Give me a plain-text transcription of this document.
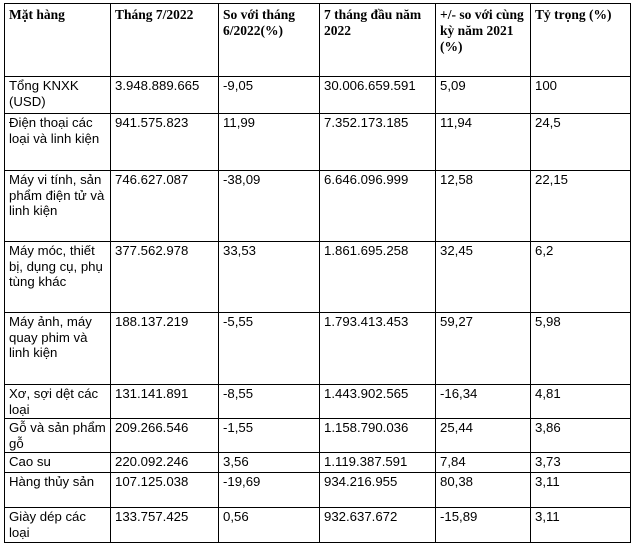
Mặt hàng	Tháng 7/2022	So với tháng 6/2022(%)	7 tháng đầu năm 2022	+/- so với cùng kỳ năm 2021 (%)	Tỷ trọng (%)
Tổng KNXK (USD)	3.948.889.665	-9,05	30.006.659.591	5,09	100
Điện thoại các loại và linh kiện	941.575.823	11,99	7.352.173.185	11,94	24,5
Máy vi tính, sản phẩm điện tử và linh kiện	746.627.087	-38,09	6.646.096.999	12,58	22,15
Máy móc, thiết bị, dụng cụ, phụ tùng khác	377.562.978	33,53	1.861.695.258	32,45	6,2
Máy ảnh, máy quay phim và linh kiện	188.137.219	-5,55	1.793.413.453	59,27	5,98
Xơ, sợi dệt các loại	131.141.891	-8,55	1.443.902.565	-16,34	4,81
Gỗ và sản phẩm gỗ	209.266.546	-1,55	1.158.790.036	25,44	3,86
Cao su	220.092.246	3,56	1.119.387.591	7,84	3,73
Hàng thủy sản	107.125.038	-19,69	934.216.955	80,38	3,11
Giày dép các loại	133.757.425	0,56	932.637.672	-15,89	3,11
